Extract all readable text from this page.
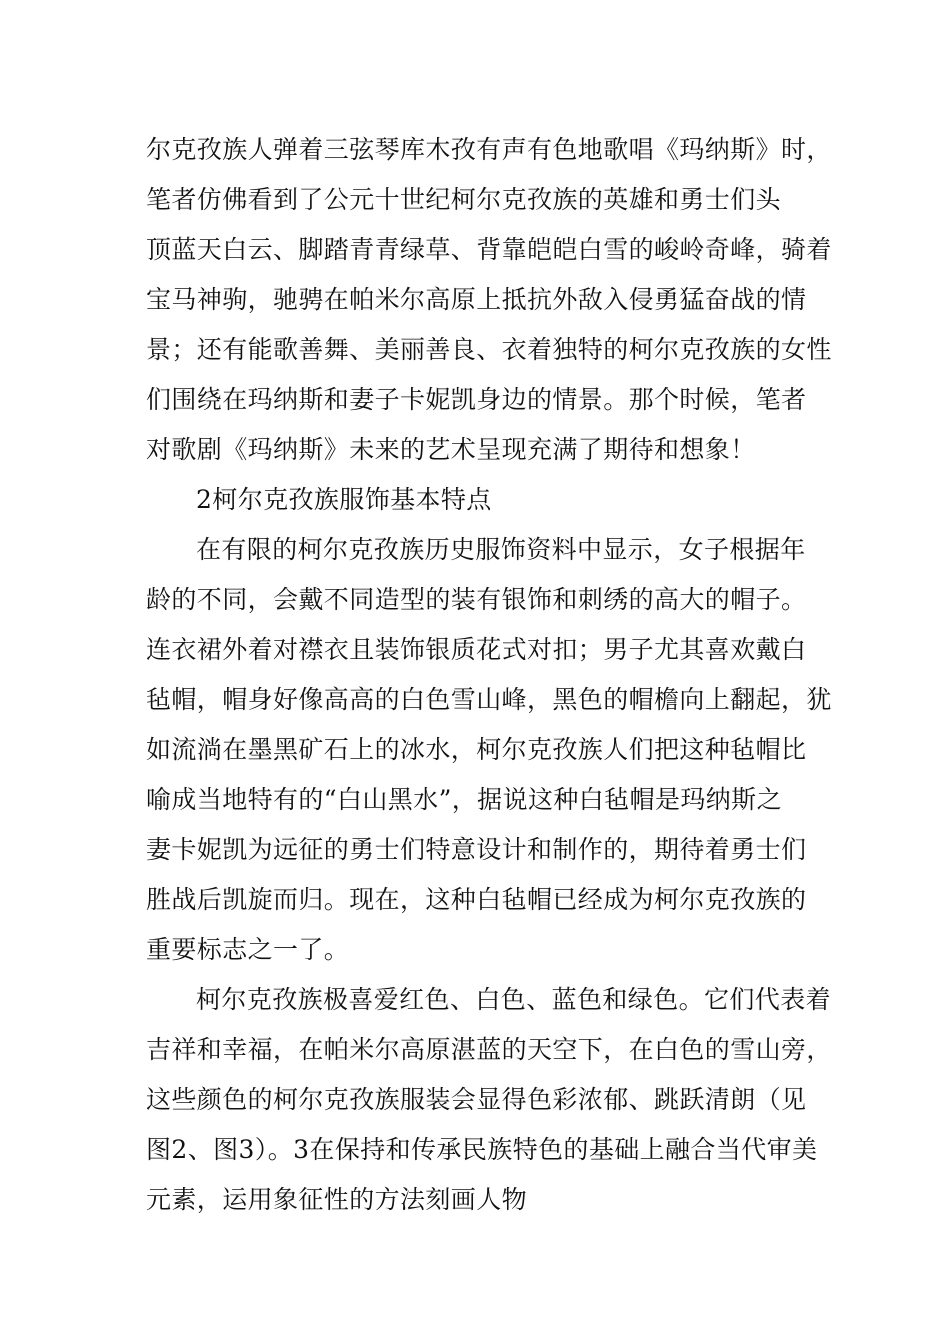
尔克孜族人弹着三弦琴库木孜有声有色地歌唱《玛纳斯》时，
笔者仿佛看到了公元十世纪柯尔克孜族的英雄和勇士们头
顶蓝天白云、脚踏青青绿草、背靠皑皑白雪的峻岭奇峰，骑着
宝马神驹，驰骋在帕米尔高原上抵抗外敌入侵勇猛奋战的情
景；还有能歌善舞、美丽善良、衣着独特的柯尔克孜族的女性
们围绕在玛纳斯和妻子卡妮凯身边的情景。那个时候，笔者
对歌剧《玛纳斯》未来的艺术呈现充满了期待和想象！
2柯尔克孜族服饰基本特点
在有限的柯尔克孜族历史服饰资料中显示，女子根据年
龄的不同，会戴不同造型的装有银饰和刺绣的高大的帽子。
连衣裙外着对襟衣且装饰银质花式对扣；男子尤其喜欢戴白
毡帽，帽身好像高高的白色雪山峰，黑色的帽檐向上翻起，犹
如流淌在墨黑矿石上的冰水，柯尔克孜族人们把这种毡帽比
喻成当地特有的“白山黑水”，据说这种白毡帽是玛纳斯之
妻卡妮凯为远征的勇士们特意设计和制作的，期待着勇士们
胜战后凯旋而归。现在，这种白毡帽已经成为柯尔克孜族的
重要标志之一了。
柯尔克孜族极喜爱红色、白色、蓝色和绿色。它们代表着
吉祥和幸福，在帕米尔高原湛蓝的天空下，在白色的雪山旁，
这些颜色的柯尔克孜族服装会显得色彩浓郁、跳跃清朗（见
图2、图3）。3在保持和传承民族特色的基础上融合当代审美
元素，运用象征性的方法刻画人物
